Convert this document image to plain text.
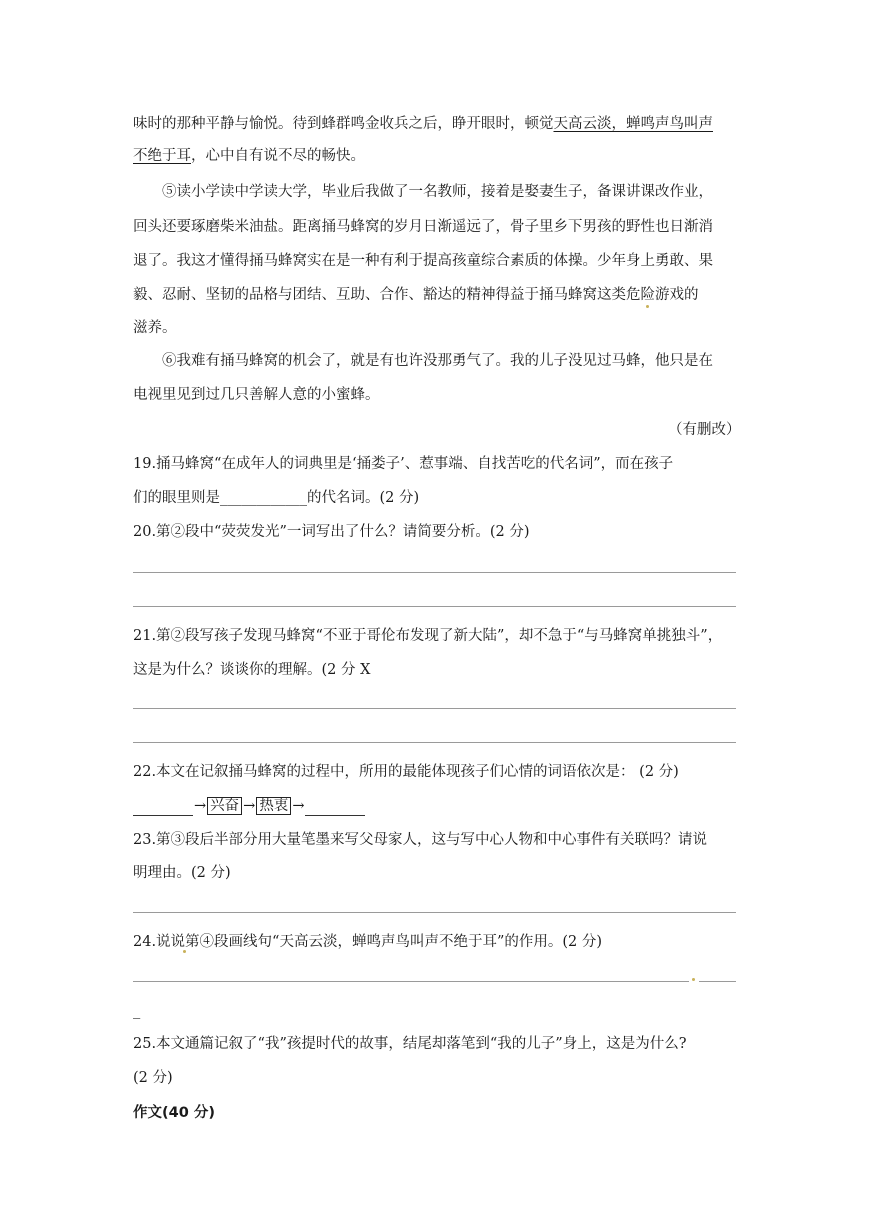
味时的那种平静与愉悦。待到蜂群鸣金收兵之后，睁开眼时，顿觉天高云淡，蝉鸣声鸟叫声
不绝于耳，心中自有说不尽的畅快。
⑤读小学读中学读大学，毕业后我做了一名教师，接着是娶妻生子，备课讲课改作业，
回头还要琢磨柴米油盐。距离捅马蜂窝的岁月日渐遥远了，骨子里乡下男孩的野性也日渐消
退了。我这才懂得捅马蜂窝实在是一种有利于提高孩童综合素质的体操。少年身上勇敢、果
毅、忍耐、坚韧的品格与团结、互助、合作、豁达的精神得益于捅马蜂窝这类危险游戏的
滋养。
⑥我难有捅马蜂窝的机会了，就是有也许没那勇气了。我的儿子没见过马蜂，他只是在
电视里见到过几只善解人意的小蜜蜂。
（有删改）
19.捅马蜂窝“在成年人的词典里是‘捅娄子’、惹事端、自找苦吃的代名词”，而在孩子
们的眼里则是____________的代名词。(2 分)
20.第②段中“荧荧发光”一词写出了什么？请简要分析。(2 分)
21.第②段写孩子发现马蜂窝“不亚于哥伦布发现了新大陆”，却不急于“与马蜂窝单挑独斗”，
这是为什么？谈谈你的理解。(2 分 X
22.本文在记叙捅马蜂窝的过程中，所用的最能体现孩子们心情的词语依次是： (2 分)
→ 兴奋 → 热衷 →
23.第③段后半部分用大量笔墨来写父母家人，这与写中心人物和中心事件有关联吗？请说
明理由。(2 分)
24.说说第④段画线句“天高云淡，蝉鸣声鸟叫声不绝于耳”的作用。(2 分)
_
25.本文通篇记叙了“我”孩提时代的故事，结尾却落笔到“我的儿子”身上，这是为什么?
(2 分)
作文(40 分)
